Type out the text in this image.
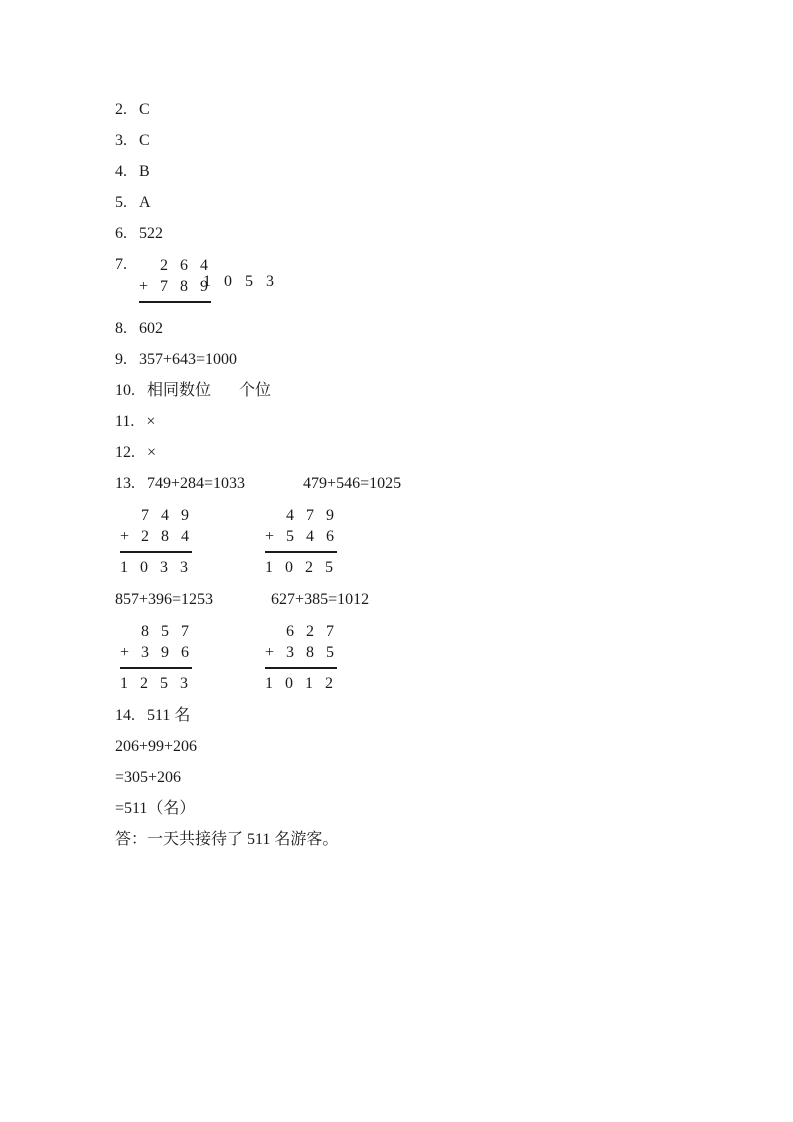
2. C
3. C
4. B
5. A
6. 522
7.	2 6 4
+ 7 8 9
1 0 5 3
8. 602
9. 357+643=1000
10. 相同数位 个位
11. ×
12. ×
13. 749+284=1033	479+546=1025
7 4 9
+ 2 8 4
1 0 3 3
4 7 9
+ 5 4 6
1 0 2 5
857+396=1253	627+385=1012
8 5 7
+ 3 9 6
1 2 5 3
6 2 7
+ 3 8 5
1 0 1 2
14. 511 名
206+99+206
=305+206
=511（名）
答：一天共接待了 511 名游客。
